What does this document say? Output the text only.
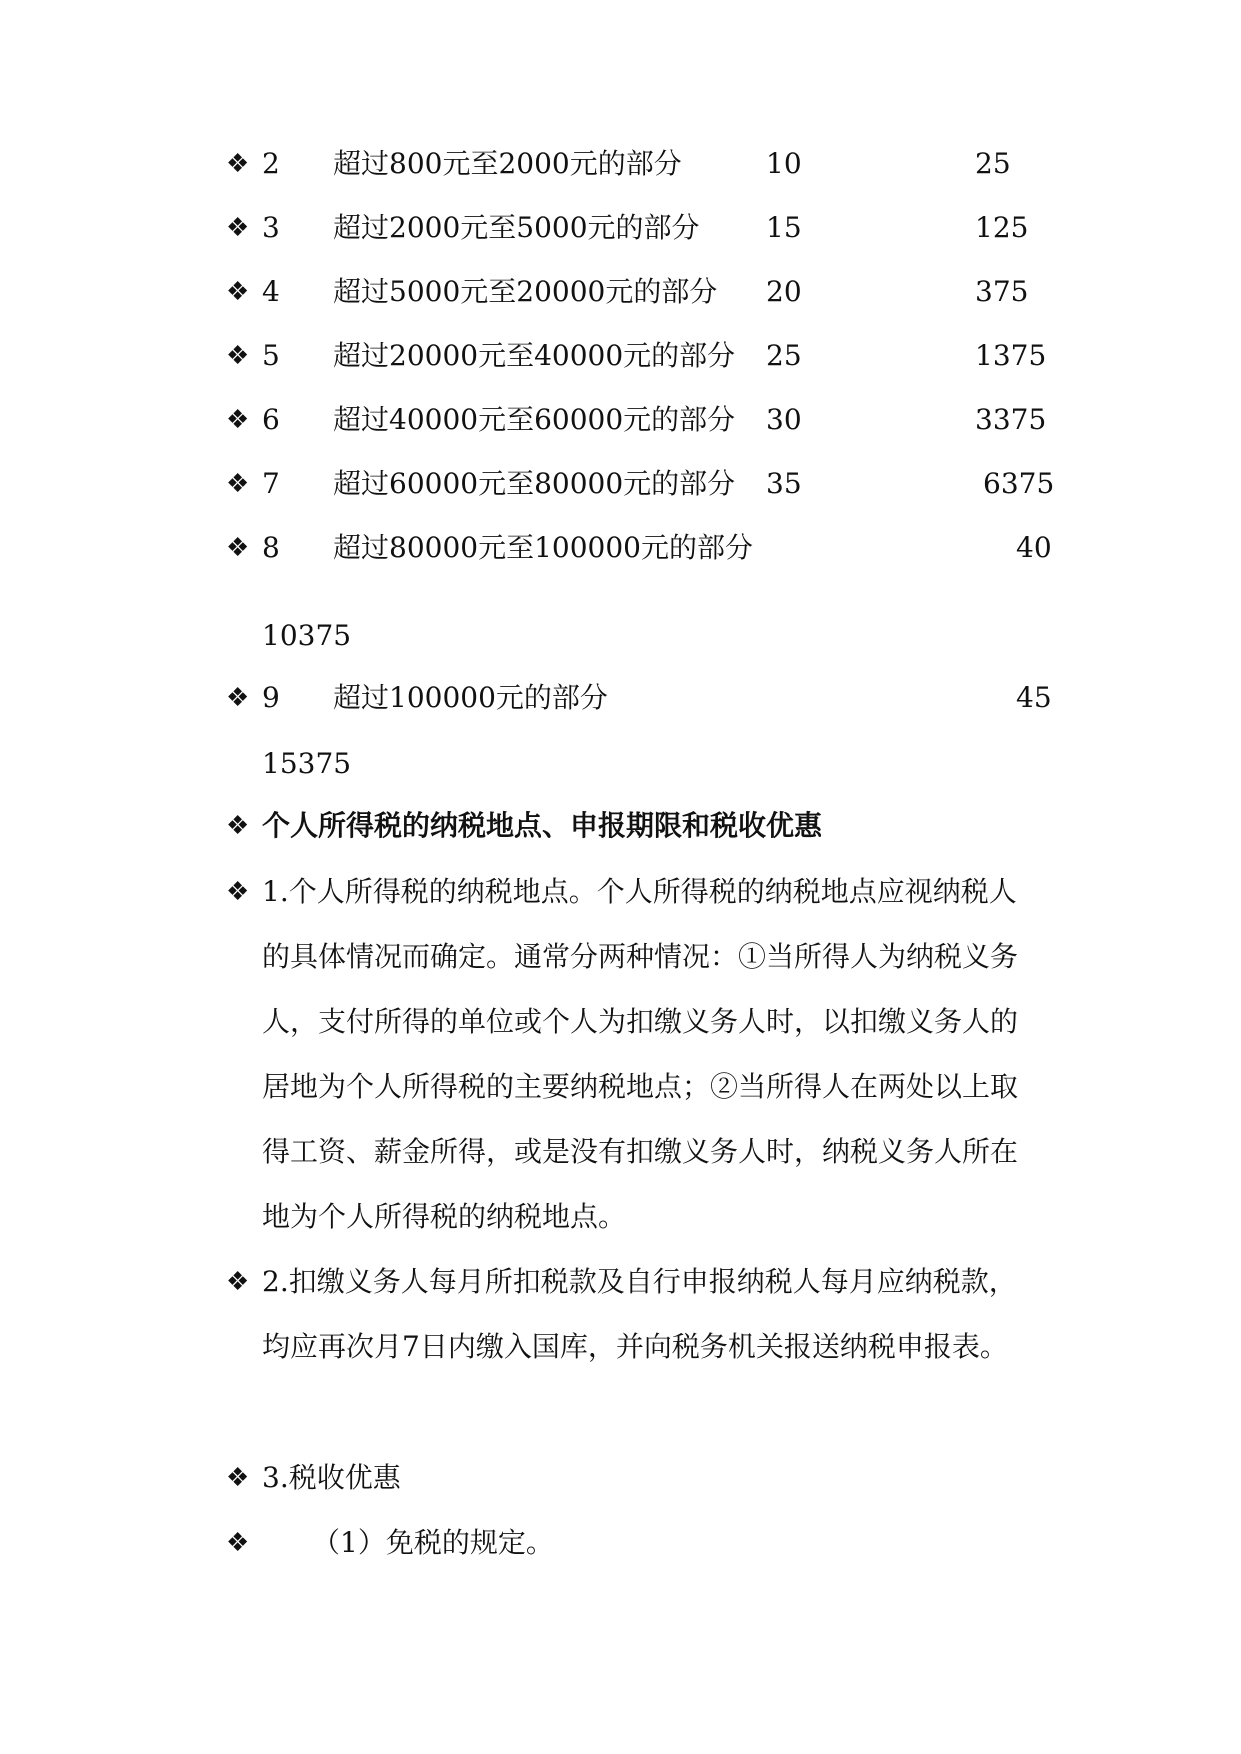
❖ 2 超过800元至2000元的部分	10	25
❖ 3 超过2000元至5000元的部分 15	125
❖ 4 超过5000元至20000元的部分 20	375
❖ 5 超过20000元至40000元的部分 25	1375
❖ 6 超过40000元至60000元的部分 30	3375
❖ 7 超过60000元至80000元的部分 35	6375
❖ 8 超过80000元至100000元的部分	40
10375
❖ 9 超过100000元的部分	45
15375
❖ 个人所得税的纳税地点、申报期限和税收优惠
❖ 1.个人所得税的纳税地点。个人所得税的纳税地点应视纳税人
的具体情况而确定。通常分两种情况：①当所得人为纳税义务
人，支付所得的单位或个人为扣缴义务人时，以扣缴义务人的
居地为个人所得税的主要纳税地点；②当所得人在两处以上取
得工资、薪金所得，或是没有扣缴义务人时，纳税义务人所在
地为个人所得税的纳税地点。
❖ 2.扣缴义务人每月所扣税款及自行申报纳税人每月应纳税款，
均应再次月7日内缴入国库，并向税务机关报送纳税申报表。
❖ 3.税收优惠
❖ （1）免税的规定。
